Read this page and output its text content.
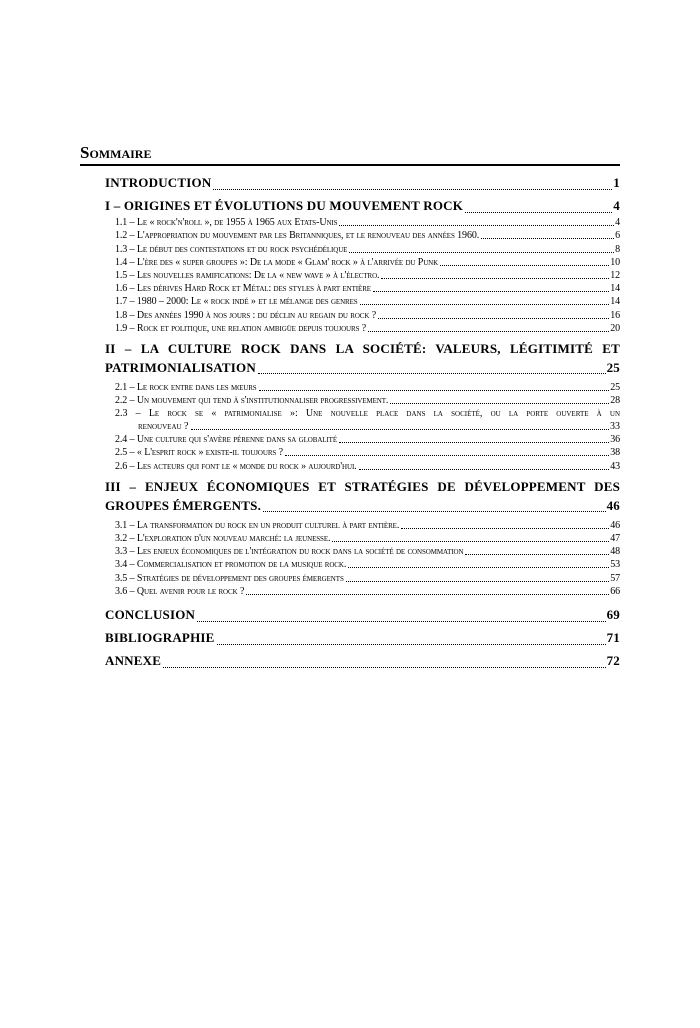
Sommaire
INTRODUCTION	1
I – ORIGINES ET ÉVOLUTIONS DU MOUVEMENT ROCK	4
1.1 – Le « rock'n'roll », de 1955 à 1965 aux Etats-Unis	4
1.2 – L'appropriation du mouvement par les Britanniques, et le renouveau des années 1960.	6
1.3 – Le début des contestations et du rock psychédélique	8
1.4 – L'ère des « super groupes »: De la mode « Glam' rock » à l'arrivée du Punk	10
1.5 – Les nouvelles ramifications: De la « new wave » à l'électro.	12
1.6 – Les dérives Hard Rock et Métal: des styles à part entière	14
1.7 – 1980 – 2000: Le « rock indé » et le mélange des genres	14
1.8 – Des années 1990 à nos jours : du déclin au regain du rock ?	16
1.9 – Rock et politique, une relation ambigüe depuis toujours ?	20
II – LA CULTURE ROCK DANS LA SOCIÉTÉ: VALEURS, LÉGITIMITÉ ET
PATRIMONIALISATION	25
2.1 – Le rock entre dans les mœurs	25
2.2 – Un mouvement qui tend à s'institutionnaliser progressivement.	28
2.3 – Le rock se « patrimonialise »: Une nouvelle place dans la société, ou la porte ouverte à un
renouveau ?	33
2.4 – Une culture qui s'avère pérenne dans sa globalité	36
2.5 – « L'esprit rock » existe-il toujours ?	38
2.6 – Les acteurs qui font le « monde du rock » aujourd'hui.	43
III – ENJEUX ÉCONOMIQUES ET STRATÉGIES DE DÉVELOPPEMENT DES
GROUPES ÉMERGENTS.	46
3.1 – La transformation du rock en un produit culturel à part entière.	46
3.2 – L'exploration d'un nouveau marché: la jeunesse.	47
3.3 – Les enjeux économiques de l'intégration du rock dans la société de consommation	48
3.4 – Commercialisation et promotion de la musique rock.	53
3.5 – Stratégies de développement des groupes émergents	57
3.6 – Quel avenir pour le rock ?	66
CONCLUSION	69
BIBLIOGRAPHIE	71
ANNEXE	72
